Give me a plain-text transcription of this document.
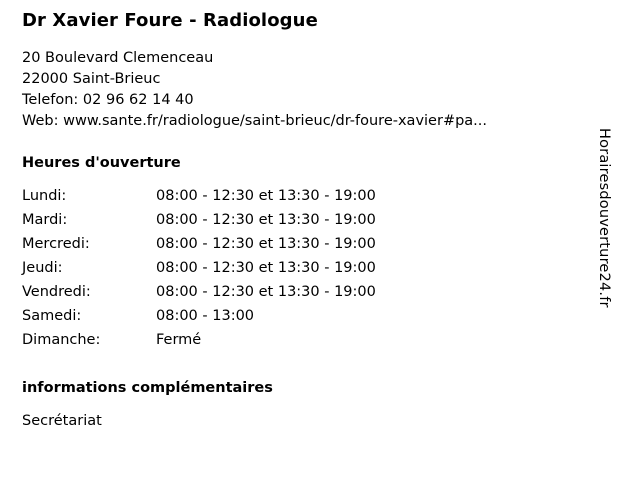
Dr Xavier Foure - Radiologue
20 Boulevard Clemenceau
22000 Saint-Brieuc
Telefon: 02 96 62 14 40
Web: www.sante.fr/radiologue/saint-brieuc/dr-foure-xavier#pa...
Heures d'ouverture
Lundi:	08:00 - 12:30 et 13:30 - 19:00
Mardi:	08:00 - 12:30 et 13:30 - 19:00
Mercredi:	08:00 - 12:30 et 13:30 - 19:00
Jeudi:	08:00 - 12:30 et 13:30 - 19:00
Vendredi:	08:00 - 12:30 et 13:30 - 19:00
Samedi:	08:00 - 13:00
Dimanche:	Fermé
informations complémentaires
Secrétariat
Horairesdouverture24.fr
